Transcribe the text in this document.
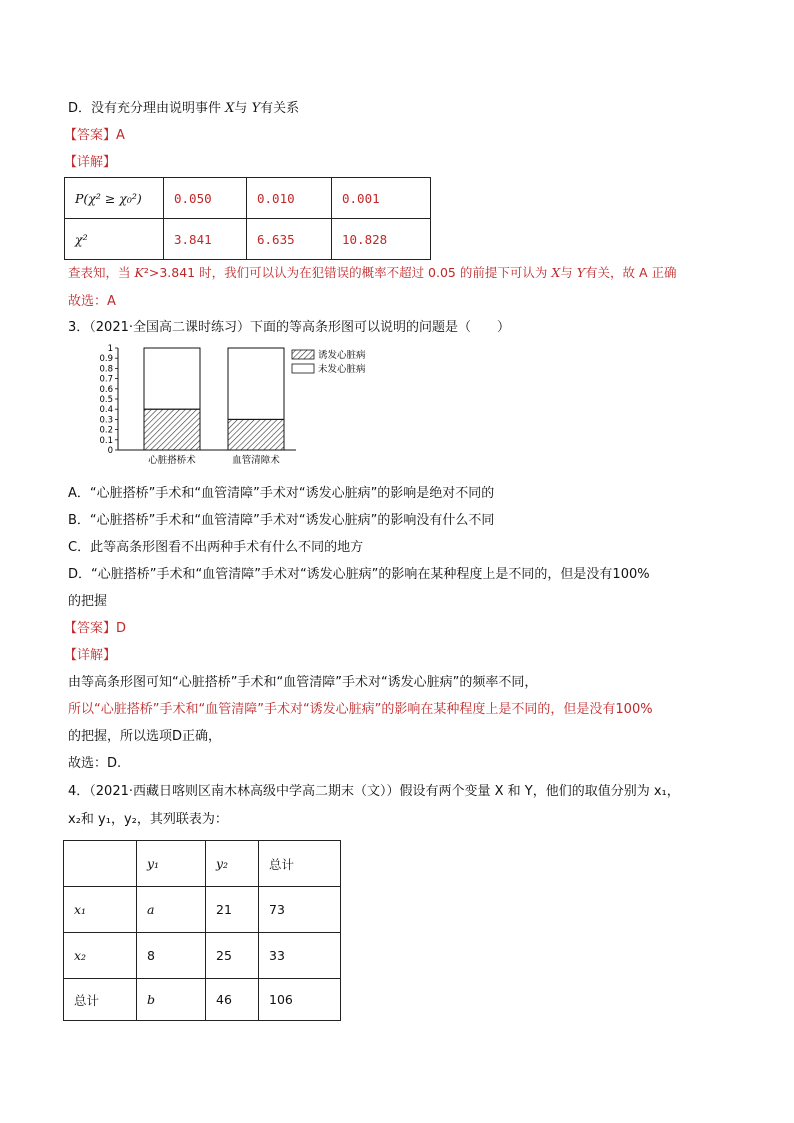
D．没有充分理由说明事件 X与 Y有关系
【答案】A
【详解】
P(χ² ≥ χ₀²)	0.050	0.010	0.001
χ²	3.841	6.635	10.828
查表知，当 K²>3.841 时，我们可以认为在犯错误的概率不超过 0.05 的前提下可认为 X与 Y有关，故 A 正确
故选：A
3．（2021·全国高二课时练习）下面的等高条形图可以说明的问题是（　　）
0
0.1
0.2
0.3
0.4
0.5
0.6
0.7
0.8
0.9
1
心脏搭桥术	血管清障术
诱发心脏病
未发心脏病
A．“心脏搭桥”手术和“血管清障”手术对“诱发心脏病”的影响是绝对不同的
B．“心脏搭桥”手术和“血管清障”手术对“诱发心脏病”的影响没有什么不同
C．此等高条形图看不出两种手术有什么不同的地方
D．“心脏搭桥”手术和“血管清障”手术对“诱发心脏病”的影响在某种程度上是不同的，但是没有100%
的把握
【答案】D
【详解】
由等高条形图可知“心脏搭桥”手术和“血管清障”手术对“诱发心脏病”的频率不同，
所以“心脏搭桥”手术和“血管清障”手术对“诱发心脏病”的影响在某种程度上是不同的，但是没有100%
的把握，所以选项D正确，
故选：D.
4．（2021·西藏日喀则区南木林高级中学高二期末（文））假设有两个变量 X 和 Y，他们的取值分别为 x₁，
x₂和 y₁，y₂，其列联表为：
	y₁	y₂	总计
x₁	a	21	73
x₂	8	25	33
总计	b	46	106
